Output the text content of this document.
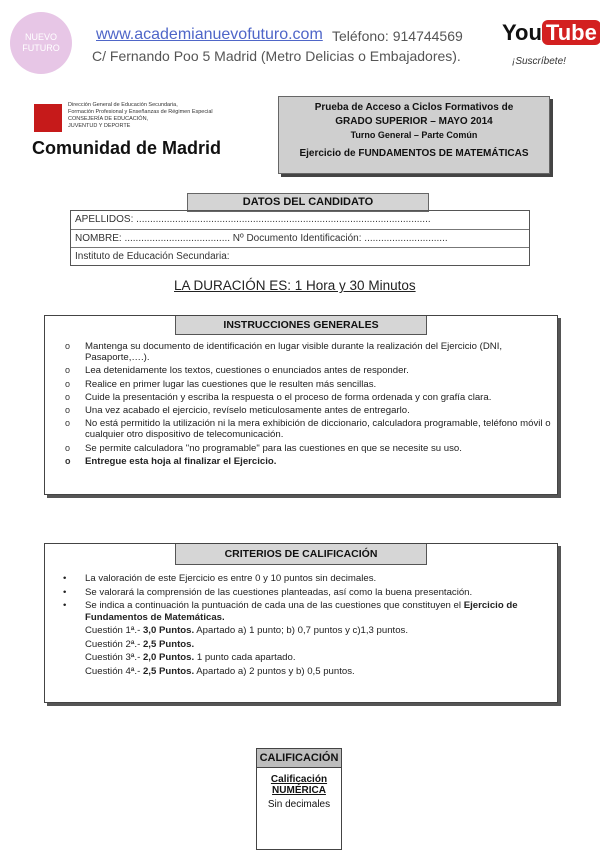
NUEVO
FUTURO
www.academianuevofuturo.com Teléfono: 914744569
C/ Fernando Poo 5 Madrid (Metro Delicias o Embajadores).
You Tube
¡Suscríbete!
Dirección General de Educación Secundaria,
Formación Profesional y Enseñanzas de Régimen Especial
CONSEJERÍA DE EDUCACIÓN,
JUVENTUD Y DEPORTE
Comunidad de Madrid
Prueba de Acceso a Ciclos Formativos de
GRADO SUPERIOR – MAYO 2014
Turno General – Parte Común
Ejercicio de FUNDAMENTOS DE MATEMÁTICAS
DATOS DEL CANDIDATO
APELLIDOS: ..........................................................................................................
NOMBRE: ...................................... Nº Documento Identificación: ..............................
Instituto de Educación Secundaria:
LA DURACIÓN ES: 1 Hora y 30 Minutos
INSTRUCCIONES GENERALES
o Mantenga su documento de identificación en lugar visible durante la realización del Ejercicio (DNI, Pasaporte,….).
o Lea detenidamente los textos, cuestiones o enunciados antes de responder.
o Realice en primer lugar las cuestiones que le resulten más sencillas.
o Cuide la presentación y escriba la respuesta o el proceso de forma ordenada y con grafía clara.
o Una vez acabado el ejercicio, revíselo meticulosamente antes de entregarlo.
o No está permitido la utilización ni la mera exhibición de diccionario, calculadora programable, teléfono móvil o cualquier otro dispositivo de telecomunicación.
o Se permite calculadora "no programable" para las cuestiones en que se necesite su uso.
o Entregue esta hoja al finalizar el Ejercicio.
CRITERIOS DE CALIFICACIÓN
• La valoración de este Ejercicio es entre 0 y 10 puntos sin decimales.
• Se valorará la comprensión de las cuestiones planteadas, así como la buena presentación.
• Se indica a continuación la puntuación de cada una de las cuestiones que constituyen el Ejercicio de Fundamentos de Matemáticas.
Cuestión 1ª.- 3,0 Puntos. Apartado a) 1 punto; b) 0,7 puntos y c)1,3 puntos.
Cuestión 2ª.- 2,5 Puntos.
Cuestión 3ª.- 2,0 Puntos. 1 punto cada apartado.
Cuestión 4ª.- 2,5 Puntos. Apartado a) 2 puntos y b) 0,5 puntos.
CALIFICACIÓN
Calificación
NUMÉRICA
Sin decimales
